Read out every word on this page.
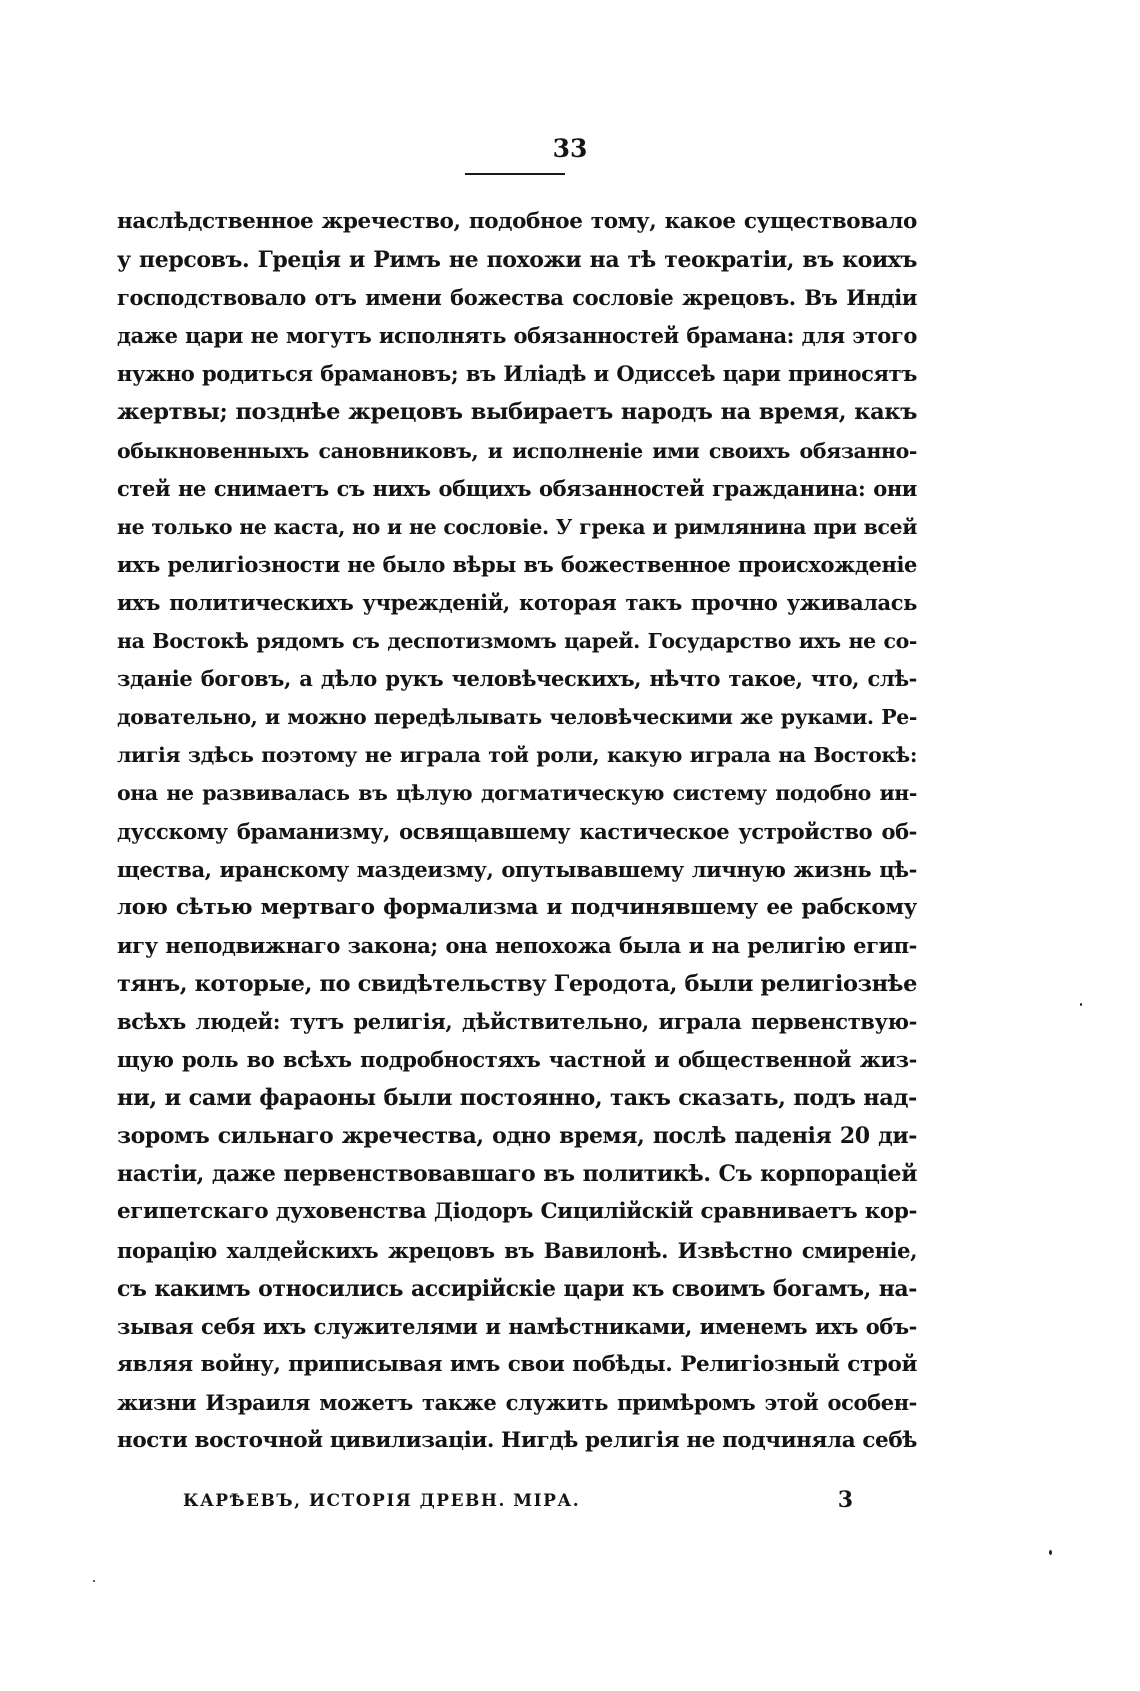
33
наслѣдственное жречество, подобное тому, какое существовало
у персовъ. Греція и Римъ не похожи на тѣ теократіи, въ коихъ
господствовало отъ имени божества сословіе жрецовъ. Въ Индіи
даже цари не могутъ исполнять обязанностей брамана: для этого
нужно родиться брамановъ; въ Иліадѣ и Одиссеѣ цари приносятъ
жертвы; позднѣе жрецовъ выбираетъ народъ на время, какъ
обыкновенныхъ сановниковъ, и исполненіе ими своихъ обязанно-
стей не снимаетъ съ нихъ общихъ обязанностей гражданина: они
не только не каста, но и не сословіе. У грека и римлянина при всей
ихъ религіозности не было вѣры въ божественное происхожденіе
ихъ политическихъ учрежденій, которая такъ прочно уживалась
на Востокѣ рядомъ съ деспотизмомъ царей. Государство ихъ не со-
зданіе боговъ, а дѣло рукъ человѣческихъ, нѣчто такое, что, слѣ-
довательно, и можно передѣлывать человѣческими же руками. Ре-
лигія здѣсь поэтому не играла той роли, какую играла на Востокѣ:
она не развивалась въ цѣлую догматическую систему подобно ин-
дусскому браманизму, освящавшему кастическое устройство об-
щества, иранскому маздеизму, опутывавшему личную жизнь цѣ-
лою сѣтью мертваго формализма и подчинявшему ее рабскому
игу неподвижнаго закона; она непохожа была и на религію егип-
тянъ, которые, по свидѣтельству Геродота, были религіознѣе
всѣхъ людей: тутъ религія, дѣйствительно, играла первенствую-
щую роль во всѣхъ подробностяхъ частной и общественной жиз-
ни, и сами фараоны были постоянно, такъ сказать, подъ над-
зоромъ сильнаго жречества, одно время, послѣ паденія 20 ди-
настіи, даже первенствовавшаго въ политикѣ. Съ корпораціей
египетскаго духовенства Діодоръ Сицилійскій сравниваетъ кор-
порацію халдейскихъ жрецовъ въ Вавилонѣ. Извѣстно смиреніе,
съ какимъ относились ассирійскіе цари къ своимъ богамъ, на-
зывая себя ихъ служителями и намѣстниками, именемъ ихъ объ-
являя войну, приписывая имъ свои побѣды. Религіозный строй
жизни Израиля можетъ также служить примѣромъ этой особен-
ности восточной цивилизаціи. Нигдѣ религія не подчиняла себѣ
КАРѢЕВЪ, ИСТОРІЯ ДРЕВН. МІРА.	3
